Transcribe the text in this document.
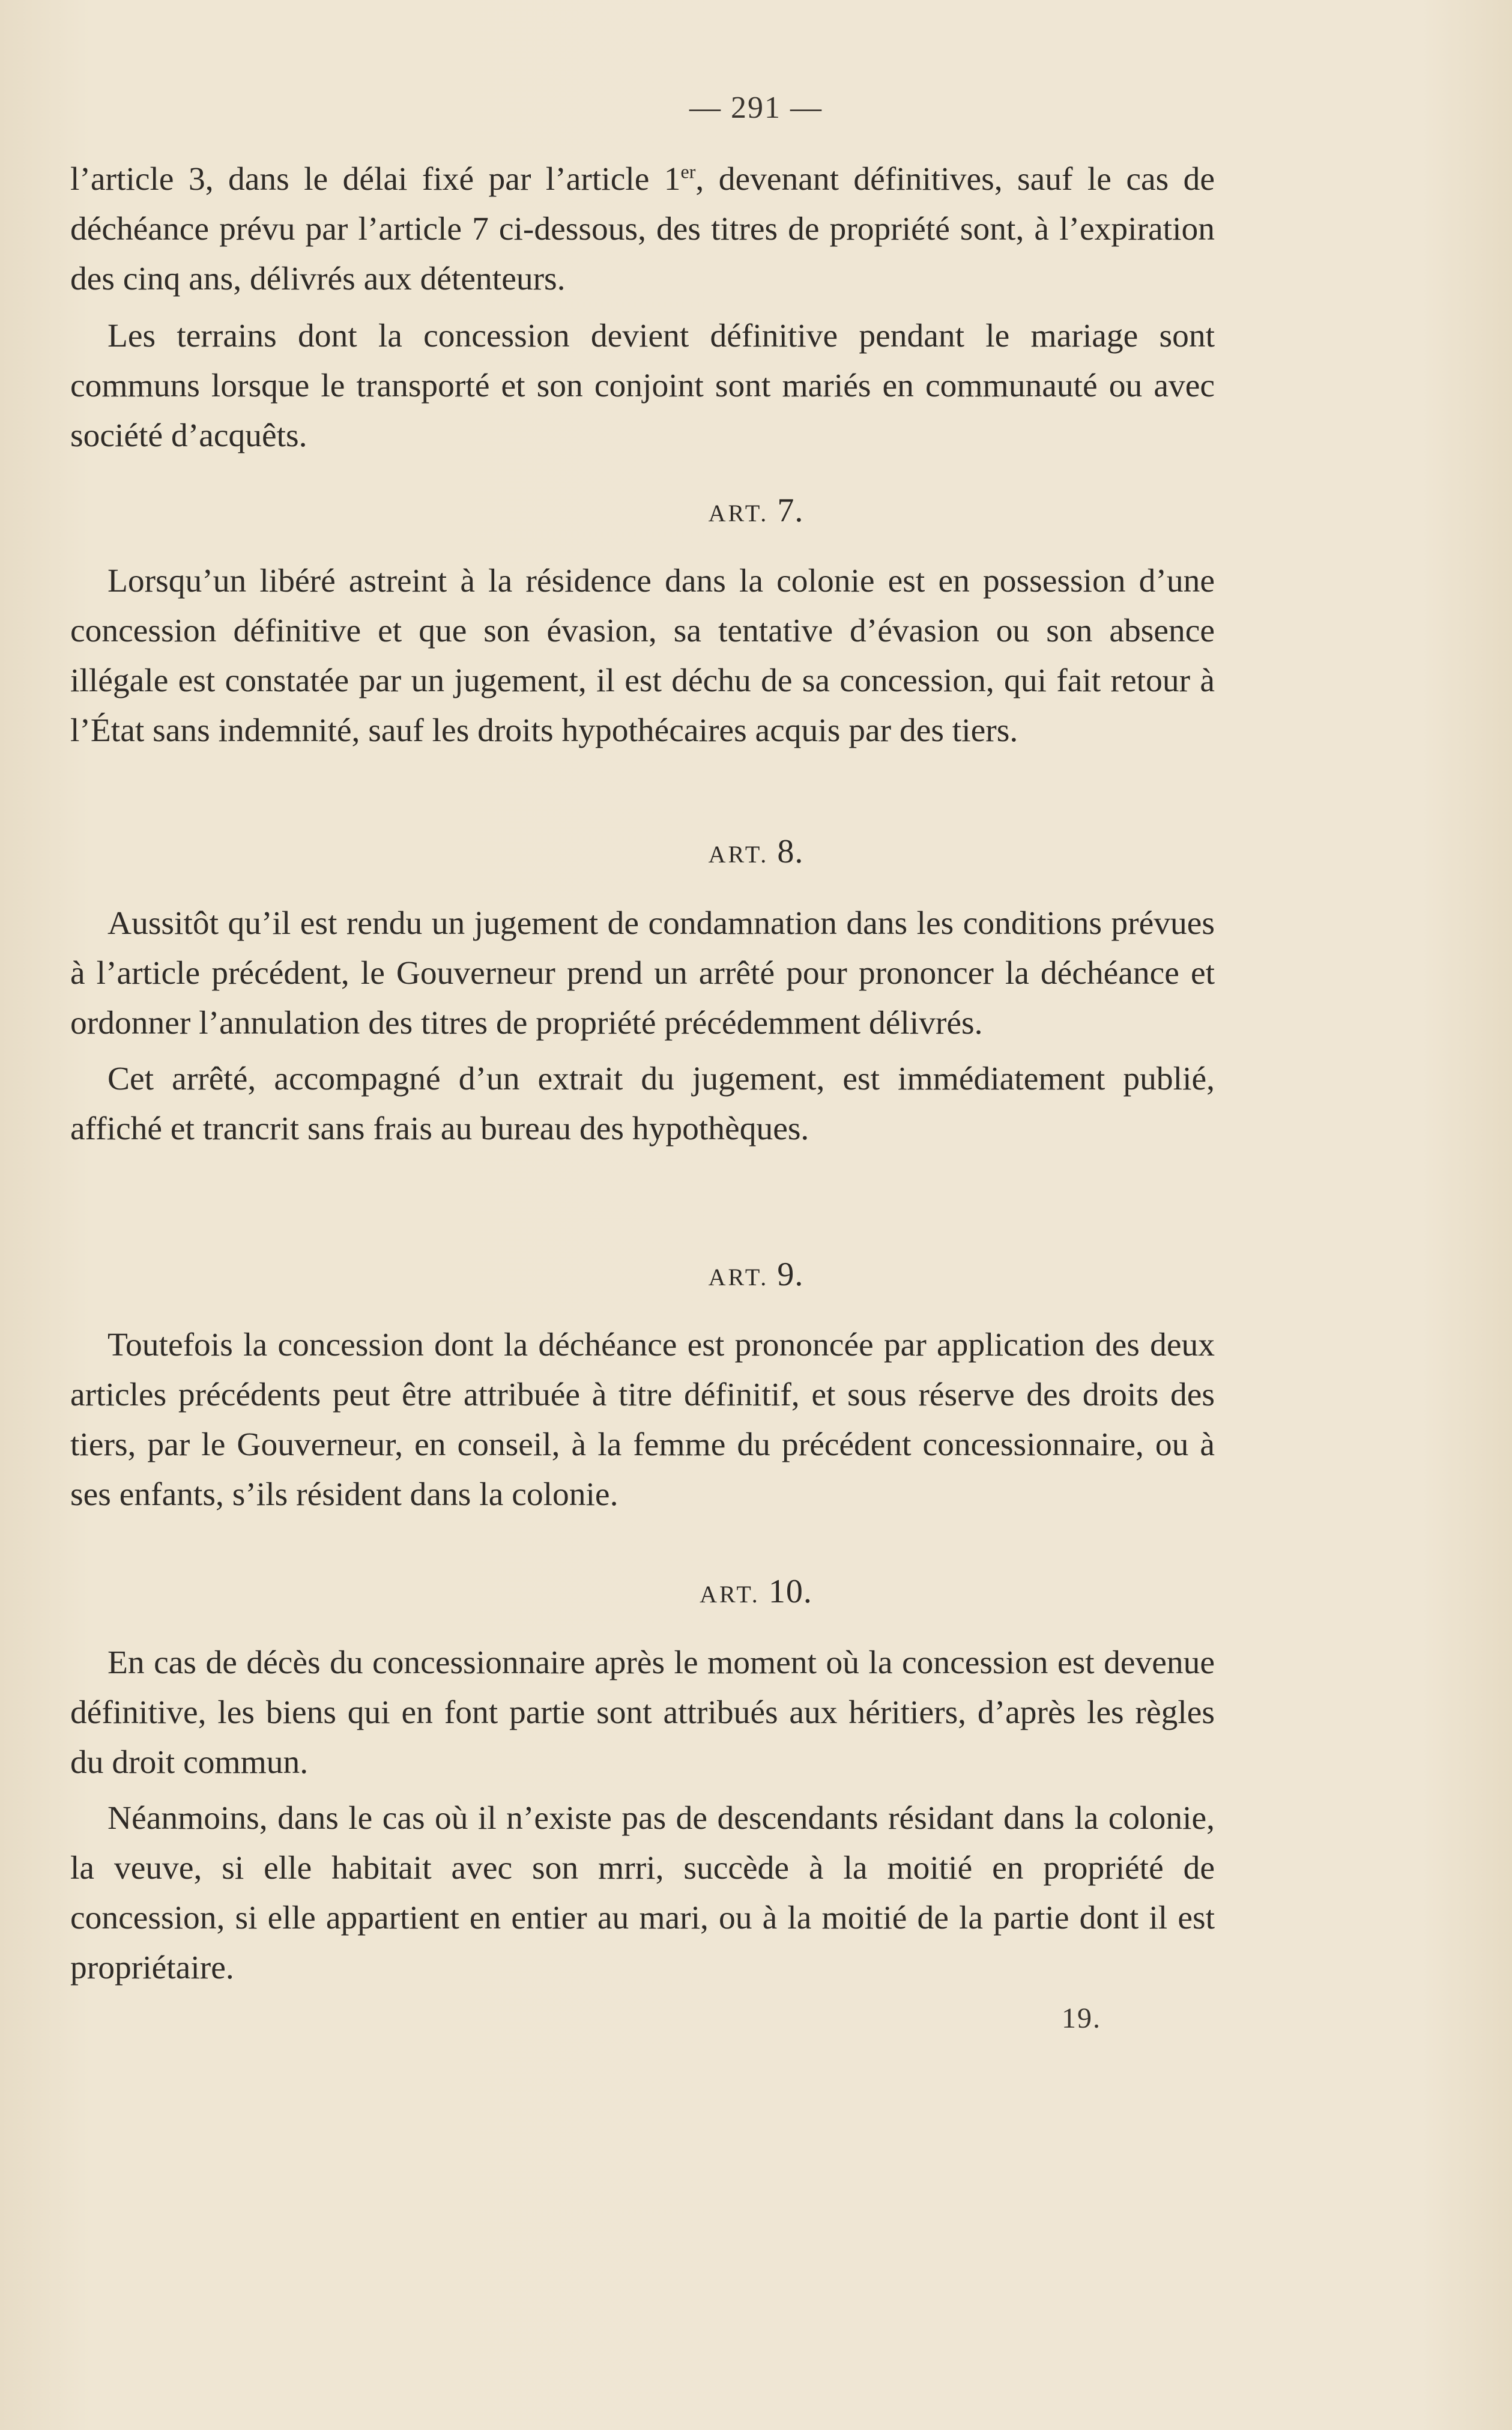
— 291 —

l’article 3, dans le délai fixé par l’article 1er, devenant définitives, sauf le cas de déchéance prévu par l’article 7 ci-dessous, des titres de propriété sont, à l’expiration des cinq ans, délivrés aux détenteurs.

Les terrains dont la concession devient définitive pendant le mariage sont communs lorsque le transporté et son conjoint sont mariés en communauté ou avec société d’acquêts.

ART. 7.

Lorsqu’un libéré astreint à la résidence dans la colonie est en possession d’une concession définitive et que son évasion, sa tentative d’évasion ou son absence illégale est constatée par un jugement, il est déchu de sa concession, qui fait retour à l’État sans indemnité, sauf les droits hypothécaires acquis par des tiers.

ART. 8.

Aussitôt qu’il est rendu un jugement de condamnation dans les conditions prévues à l’article précédent, le Gouverneur prend un arrêté pour prononcer la déchéance et ordonner l’annulation des titres de propriété précédemment délivrés.

Cet arrêté, accompagné d’un extrait du jugement, est immédiatement publié, affiché et trancrit sans frais au bureau des hypothèques.

ART. 9.

Toutefois la concession dont la déchéance est prononcée par application des deux articles précédents peut être attribuée à titre définitif, et sous réserve des droits des tiers, par le Gouverneur, en conseil, à la femme du précédent concessionnaire, ou à ses enfants, s’ils résident dans la colonie.

ART. 10.

En cas de décès du concessionnaire après le moment où la concession est devenue définitive, les biens qui en font partie sont attribués aux héritiers, d’après les règles du droit commun.

Néanmoins, dans le cas où il n’existe pas de descendants résidant dans la colonie, la veuve, si elle habitait avec son mrri, succède à la moitié en propriété de concession, si elle appartient en entier au mari, ou à la moitié de la partie dont il est propriétaire.

19.
